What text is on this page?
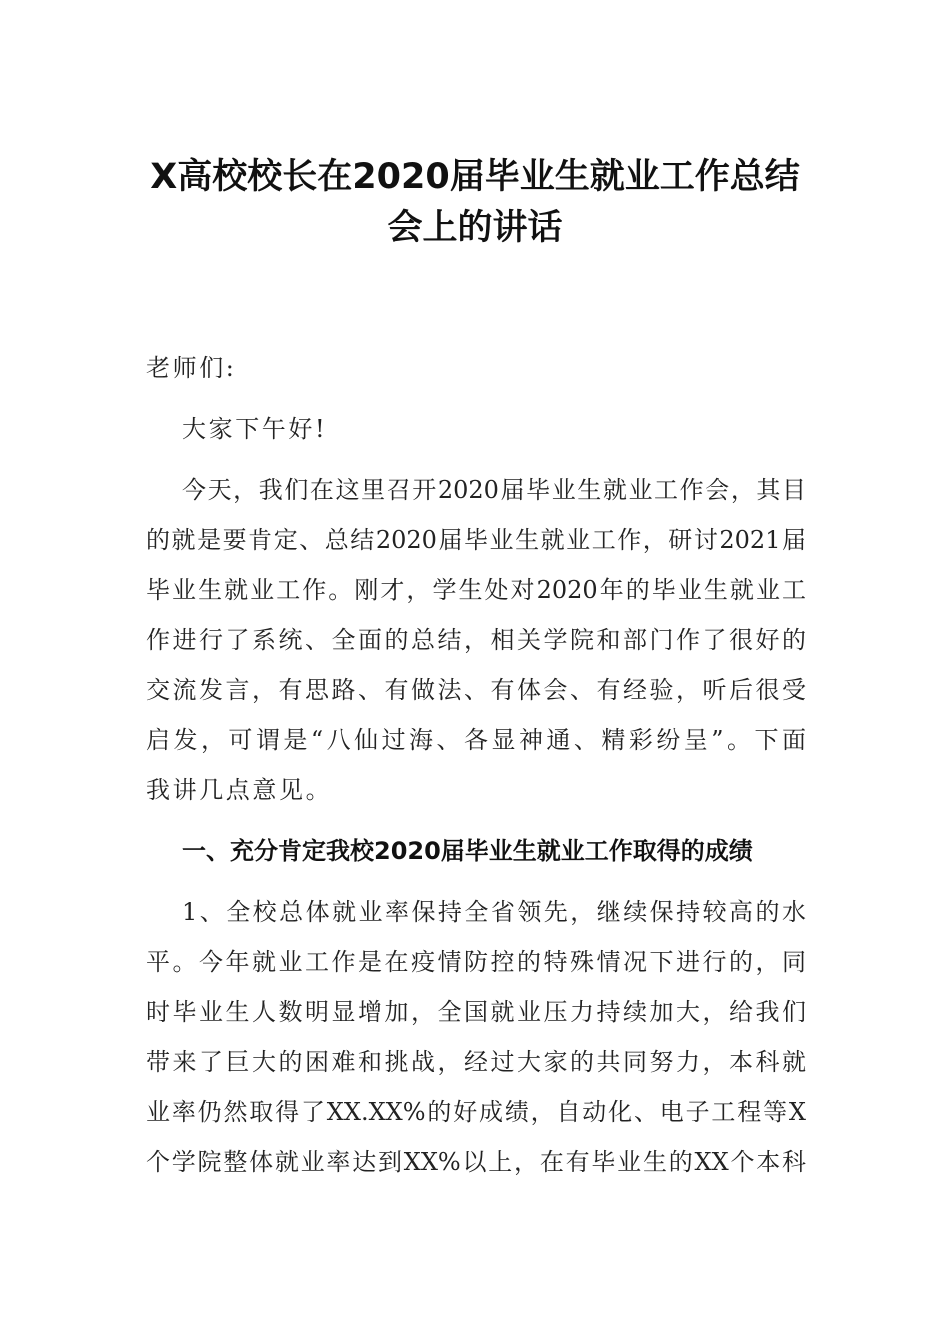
X高校校长在2020届毕业生就业工作总结
会上的讲话
老师们:
大家下午好!
今天，我们在这里召开2020届毕业生就业工作会，其目
的就是要肯定、总结2020届毕业生就业工作，研讨2021届
毕业生就业工作。刚才，学生处对2020年的毕业生就业工
作进行了系统、全面的总结，相关学院和部门作了很好的
交流发言，有思路、有做法、有体会、有经验，听后很受
启发，可谓是“八仙过海、各显神通、精彩纷呈”。下面
我讲几点意见。
一、充分肯定我校2020届毕业生就业工作取得的成绩
1、全校总体就业率保持全省领先，继续保持较高的水
平。今年就业工作是在疫情防控的特殊情况下进行的，同
时毕业生人数明显增加，全国就业压力持续加大，给我们
带来了巨大的困难和挑战，经过大家的共同努力，本科就
业率仍然取得了XX.XX%的好成绩，自动化、电子工程等X
个学院整体就业率达到XX%以上，在有毕业生的XX个本科
